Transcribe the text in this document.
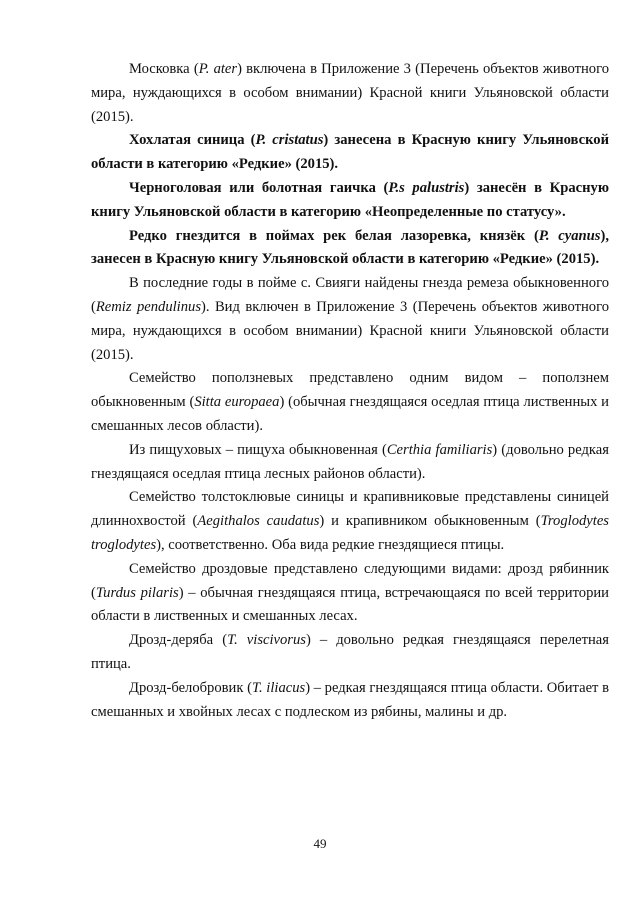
Московка (P. ater) включена в Приложение 3 (Перечень объектов животного мира, нуждающихся в особом внимании) Красной книги Ульяновской области (2015).

Хохлатая синица (P. cristatus) занесена в Красную книгу Ульяновской области в категорию «Редкие» (2015).

Черноголовая или болотная гаичка (P.s palustris) занесён в Красную книгу Ульяновской области в категорию «Неопределенные по статусу».

Редко гнездится в поймах рек белая лазоревка, князёк (P. cyanus), занесен в Красную книгу Ульяновской области в категорию «Редкие» (2015).

В последние годы в пойме с. Свияги найдены гнезда ремеза обыкновенного (Remiz pendulinus). Вид включен в Приложение 3 (Перечень объектов животного мира, нуждающихся в особом внимании) Красной книги Ульяновской области (2015).

Семейство поползневых представлено одним видом – поползнем обыкновенным (Sitta europaea) (обычная гнездящаяся оседлая птица лиственных и смешанных лесов области).

Из пищуховых – пищуха обыкновенная (Certhia familiaris) (довольно редкая гнездящаяся оседлая птица лесных районов области).

Семейство толстоклювые синицы и крапивниковые представлены синицей длиннохвостой (Aegithalos caudatus) и крапивником обыкновенным (Troglodytes troglodytes), соответственно. Оба вида редкие гнездящиеся птицы.

Семейство дроздовые представлено следующими видами: дрозд рябинник (Turdus pilaris) – обычная гнездящаяся птица, встречающаяся по всей территории области в лиственных и смешанных лесах.

Дрозд-деряба (T. viscivorus) – довольно редкая гнездящаяся перелетная птица.

Дрозд-белобровик (T. iliacus) – редкая гнездящаяся птица области. Обитает в смешанных и хвойных лесах с подлеском из рябины, малины и др.

49
